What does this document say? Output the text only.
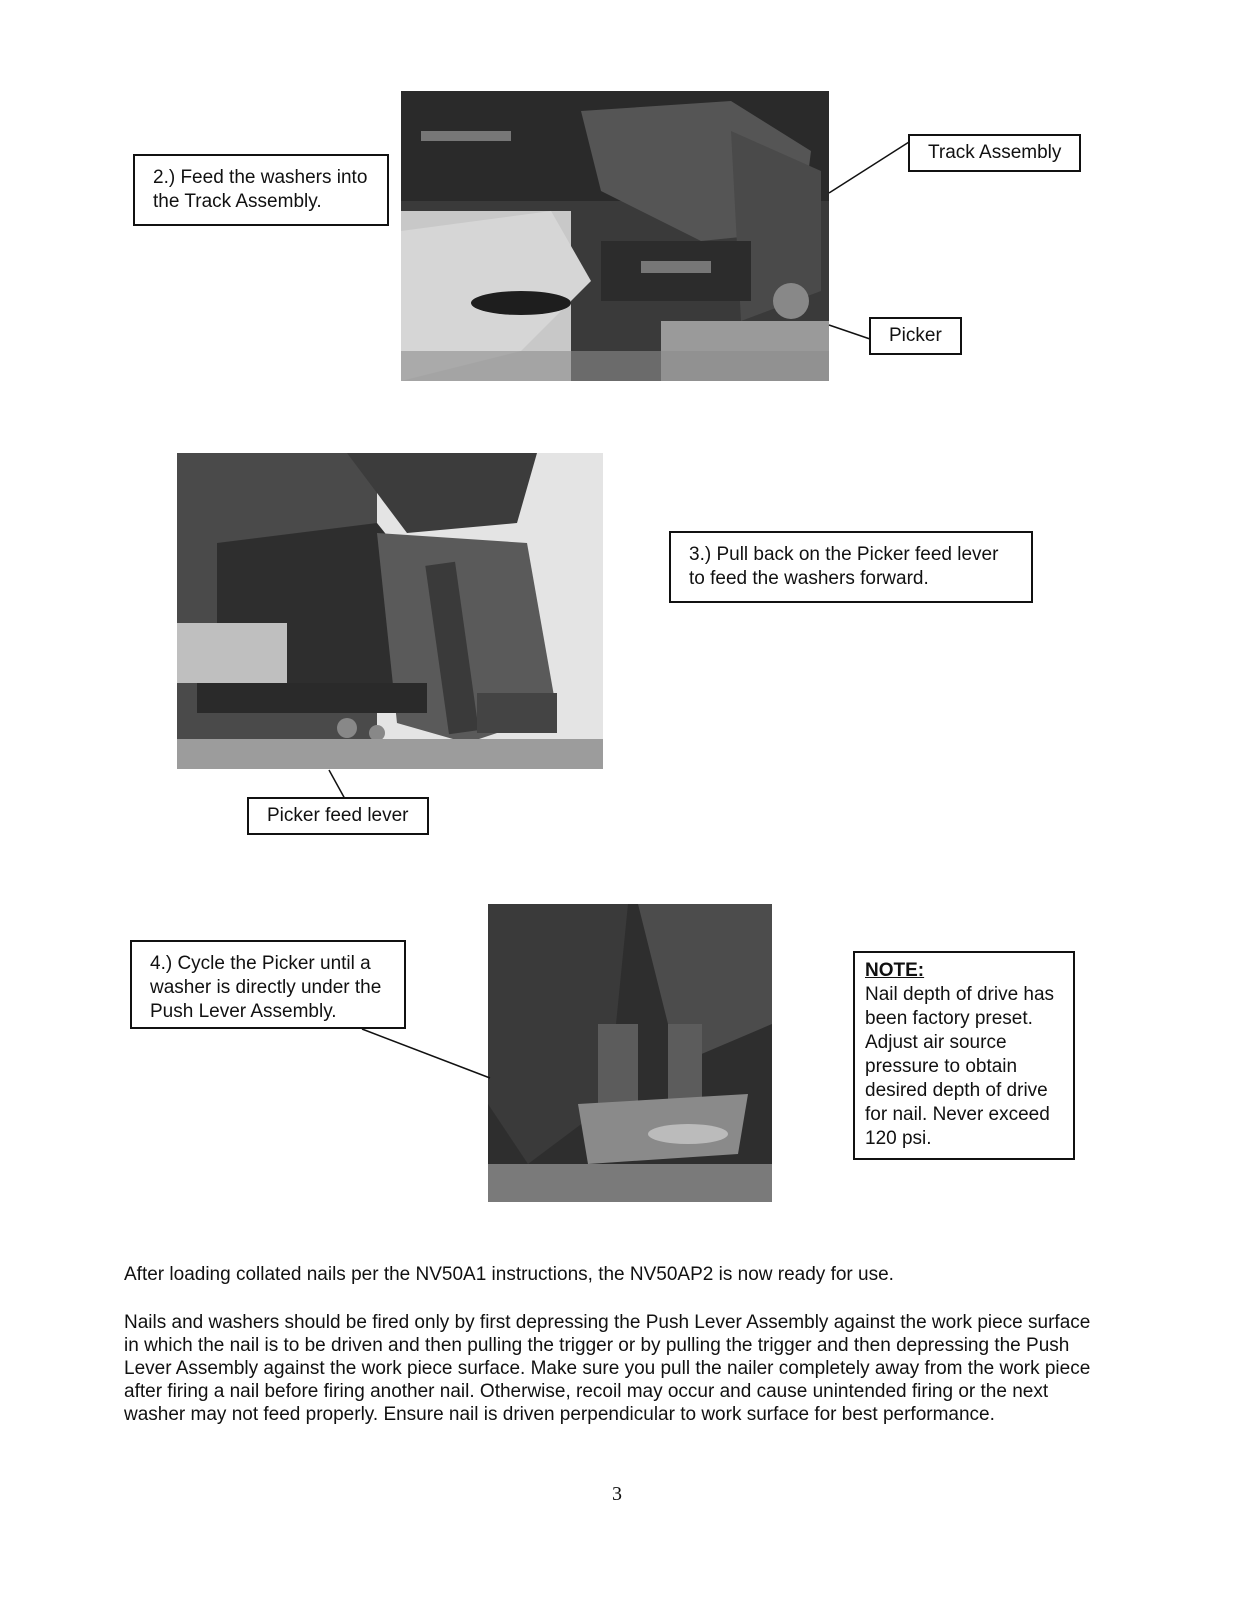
2.) Feed the washers into the Track Assembly.
Track Assembly
Picker
3.) Pull back on the Picker feed lever to feed the washers forward.
Picker feed lever
4.) Cycle the Picker until a washer is directly under the Push Lever Assembly.
NOTE:
Nail depth of drive has been factory preset. Adjust air source pressure to obtain desired depth of drive for nail. Never exceed 120 psi.

After loading collated nails per the NV50A1 instructions, the NV50AP2 is now ready for use.

Nails and washers should be fired only by first depressing the Push Lever Assembly against the work piece surface in which the nail is to be driven and then pulling the trigger or by pulling the trigger and then depressing the Push Lever Assembly against the work piece surface. Make sure you pull the nailer completely away from the work piece after firing a nail before firing another nail. Otherwise, recoil may occur and cause unintended firing or the next washer may not feed properly. Ensure nail is driven perpendicular to work surface for best performance.

3
